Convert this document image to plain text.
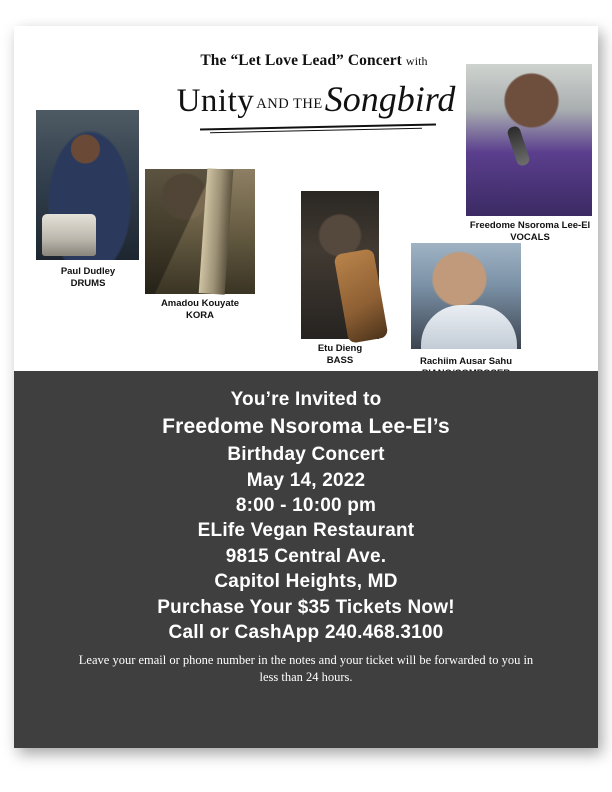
The “Let Love Lead” Concert with
Unity AND THESongbird
Paul Dudley
DRUMS
Amadou Kouyate
KORA
Etu Dieng
BASS	Rachiim Ausar Sahu
Freedome Nsoroma Lee-El
VOCALS
You’re Invited to
Freedome Nsoroma Lee-El’s
Birthday Concert
May 14, 2022
8:00 - 10:00 pm
ELife Vegan Restaurant
9815 Central Ave.
Capitol Heights, MD
Purchase Your $35 Tickets Now!
Call or CashApp 240.468.3100
Leave your email or phone number in the notes and your ticket will be forwarded to you in less than 24 hours.
